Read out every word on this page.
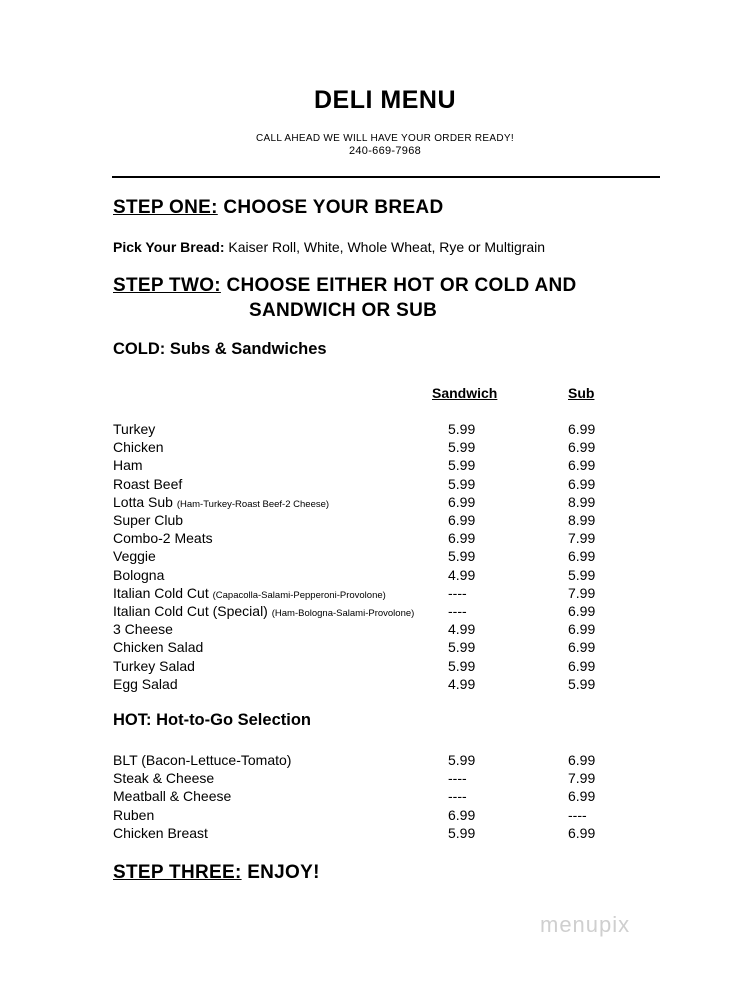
DELI MENU
CALL AHEAD WE WILL HAVE YOUR ORDER READY!
240-669-7968
STEP ONE: CHOOSE YOUR BREAD
Pick Your Bread: Kaiser Roll, White, Whole Wheat, Rye or Multigrain
STEP TWO: CHOOSE EITHER HOT OR COLD AND
SANDWICH OR SUB
COLD: Subs & Sandwiches
Sandwich	Sub
Turkey	5.99	6.99
Chicken	5.99	6.99
Ham	5.99	6.99
Roast Beef	5.99	6.99
Lotta Sub (Ham-Turkey-Roast Beef-2 Cheese)	6.99	8.99
Super Club	6.99	8.99
Combo-2 Meats	6.99	7.99
Veggie	5.99	6.99
Bologna	4.99	5.99
Italian Cold Cut (Capacolla-Salami-Pepperoni-Provolone)	----	7.99
Italian Cold Cut (Special) (Ham-Bologna-Salami-Provolone) ----	6.99
3 Cheese	4.99	6.99
Chicken Salad	5.99	6.99
Turkey Salad	5.99	6.99
Egg Salad	4.99	5.99
HOT: Hot-to-Go Selection
BLT (Bacon-Lettuce-Tomato)	5.99	6.99
Steak & Cheese	----	7.99
Meatball & Cheese	----	6.99
Ruben	6.99	----
Chicken Breast	5.99	6.99
STEP THREE: ENJOY!
menupix
